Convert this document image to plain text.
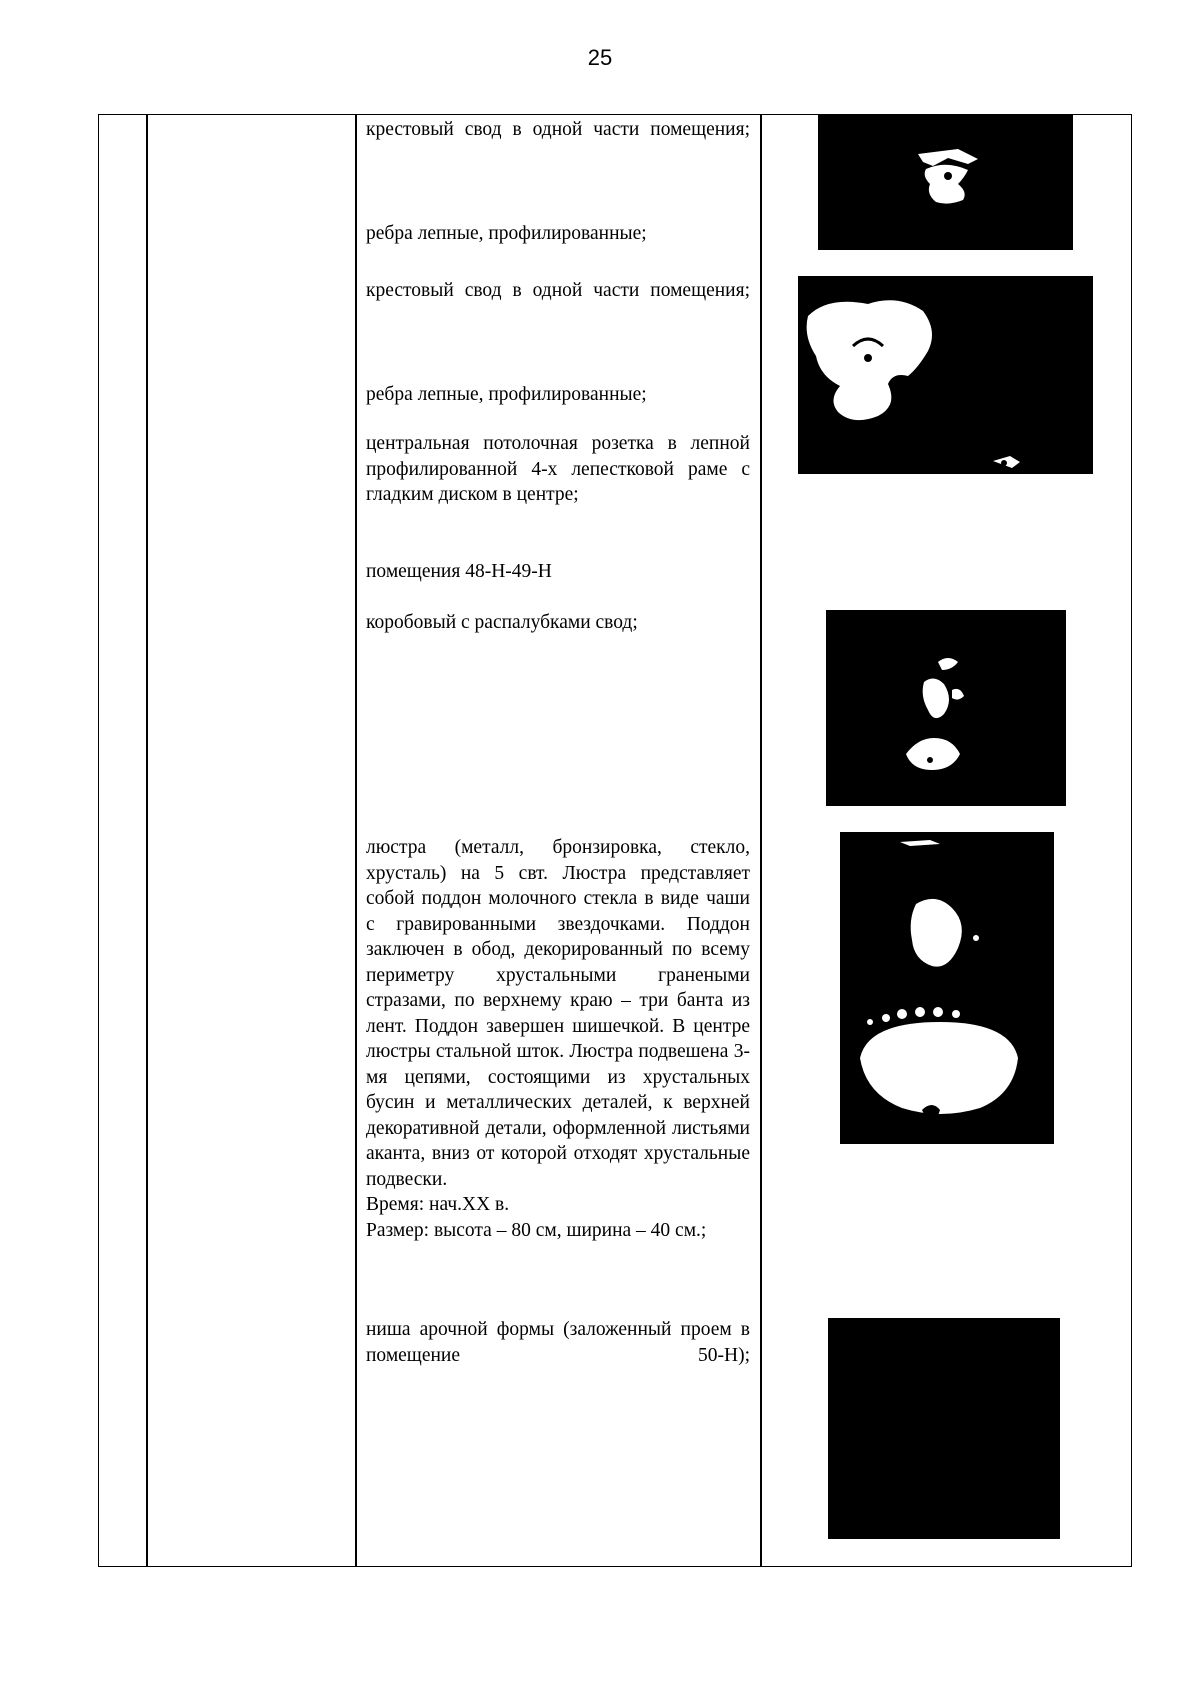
25

крестовый свод в одной части помещения;

ребра лепные, профилированные;

крестовый свод в одной части помещения;

ребра лепные, профилированные;

центральная потолочная розетка в лепной профилированной 4-х лепестковой раме с гладким диском в центре;

помещения 48-Н-49-Н

коробовый с распалубками свод;

люстра (металл, бронзировка, стекло, хрусталь) на 5 свт. Люстра представляет собой поддон молочного стекла в виде чаши с гравированными звездочками. Поддон заключен в обод, декорированный по всему периметру хрустальными гранеными стразами, по верхнему краю – три банта из лент. Поддон завершен шишечкой. В центре люстры стальной шток. Люстра подвешена 3-мя цепями, состоящими из хрустальных бусин и металлических деталей, к верхней декоративной детали, оформленной листьями аканта, вниз от которой отходят хрустальные подвески.
Время: нач.XX в.
Размер: высота – 80 см, ширина – 40 см.;

ниша арочной формы (заложенный проем в помещение 50-Н);
